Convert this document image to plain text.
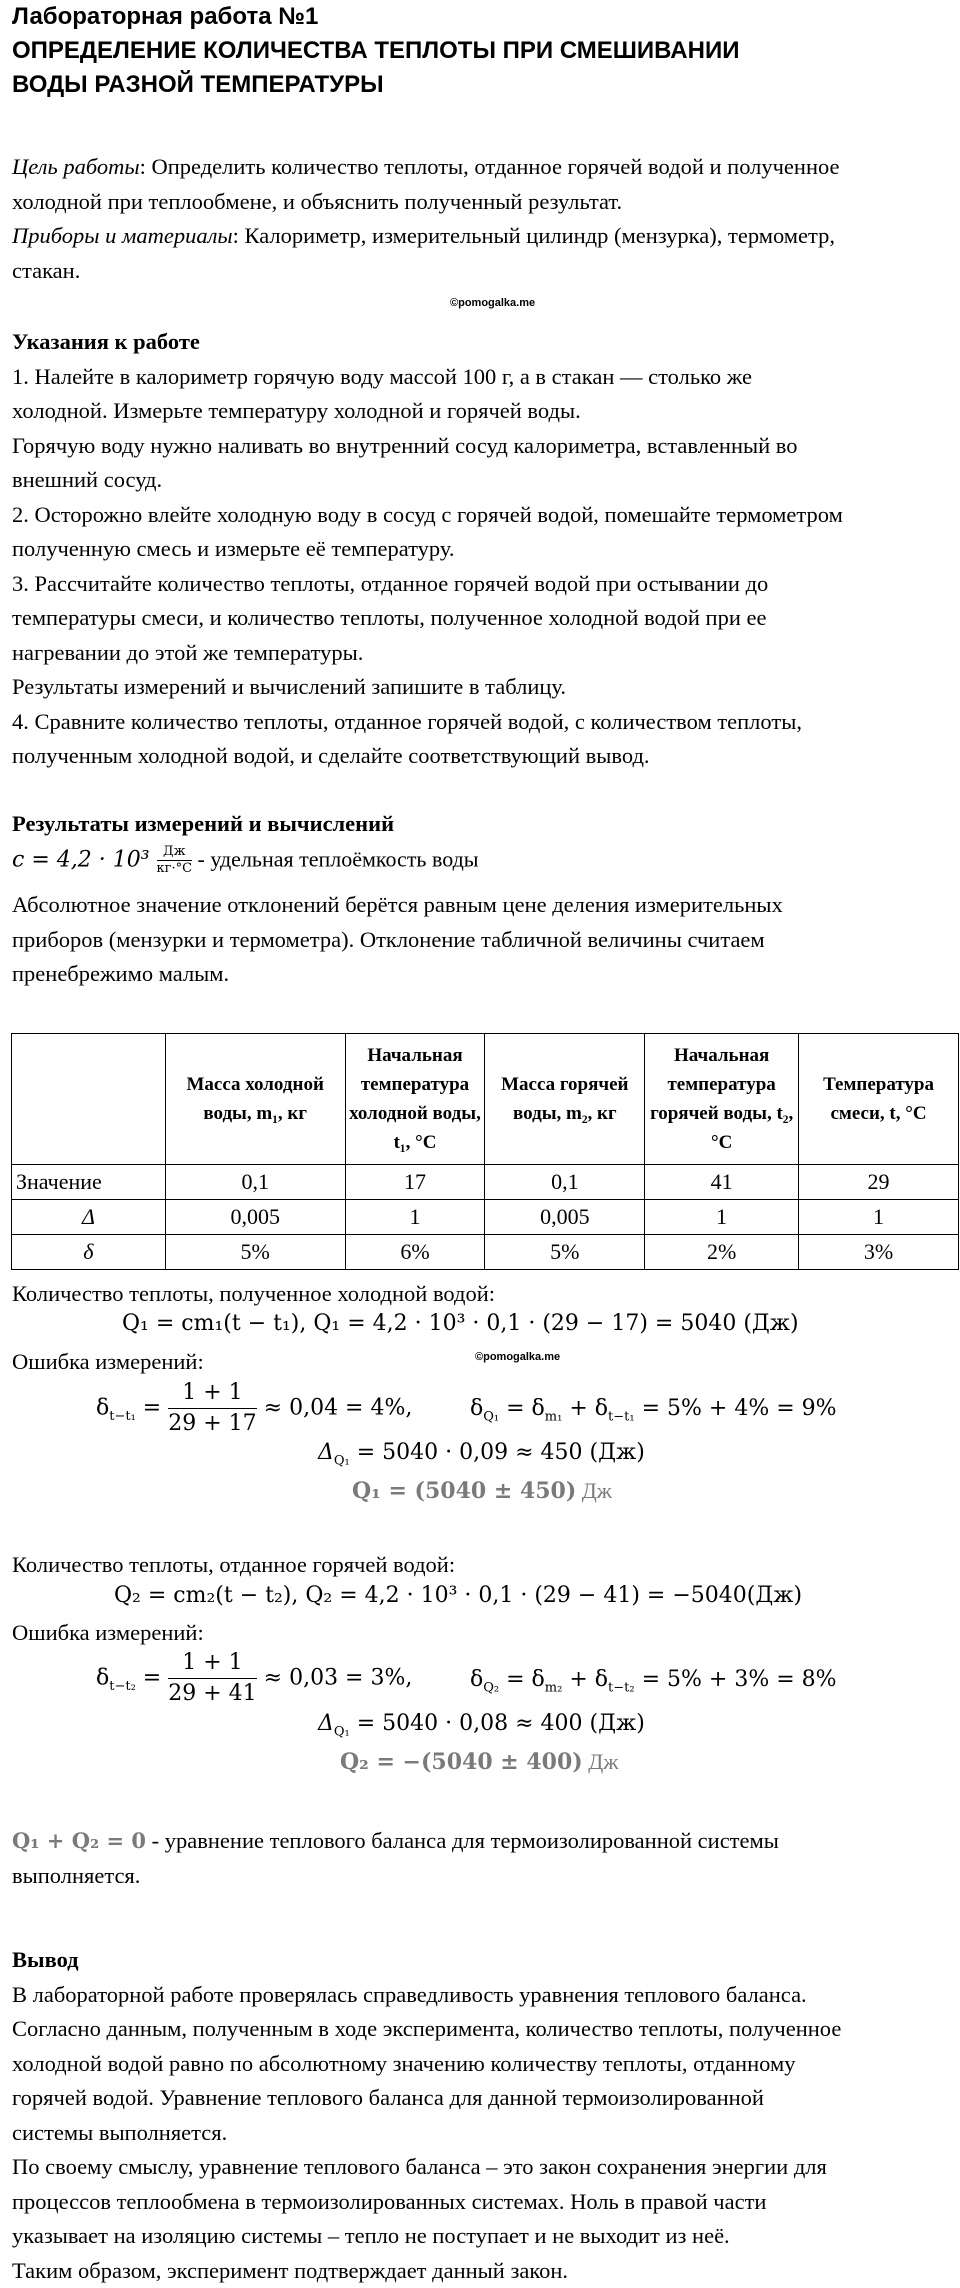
Лабораторная работа №1
ОПРЕДЕЛЕНИЕ КОЛИЧЕСТВА ТЕПЛОТЫ ПРИ СМЕШИВАНИИ
ВОДЫ РАЗНОЙ ТЕМПЕРАТУРЫ
Цель работы: Определить количество теплоты, отданное горячей водой и полученное
холодной при теплообмене, и объяснить полученный результат.
Приборы и материалы: Калориметр, измерительный цилиндр (мензурка), термометр,
стакан.
©pomogalka.me
Указания к работе
1. Налейте в калориметр горячую воду массой 100 г, а в стакан — столько же
холодной. Измерьте температуру холодной и горячей воды.
Горячую воду нужно наливать во внутренний сосуд калориметра, вставленный во
внешний сосуд.
2. Осторожно влейте холодную воду в сосуд с горячей водой, помешайте термометром
полученную смесь и измерьте её температуру.
3. Рассчитайте количество теплоты, отданное горячей водой при остывании до
температуры смеси, и количество теплоты, полученное холодной водой при ее
нагревании до этой же температуры.
Результаты измерений и вычислений запишите в таблицу.
4. Сравните количество теплоты, отданное горячей водой, с количеством теплоты,
полученным холодной водой, и сделайте соответствующий вывод.
Результаты измерений и вычислений
$c = 4,2 \cdot 10^3 \frac{Дж}{кг\cdot^\circ С}$ - удельная теплоёмкость воды
Абсолютное значение отклонений берётся равным цене деления измерительных
приборов (мензурки и термометра). Отклонение табличной величины считаем
пренебрежимо малым.
	Масса холодной воды, m₁, кг	Начальная температура холодной воды, t₁, °С	Масса горячей воды, m₂, кг	Начальная температура горячей воды, t₂, °С	Температура смеси, t, °С
Значение	0,1	17	0,1	41	29
Δ	0,005	1	0,005	1	1
δ	5%	6%	5%	2%	3%
Количество теплоты, полученное холодной водой:
Q₁ = cm₁(t − t₁), Q₁ = 4,2 · 10³ · 0,1 · (29 − 17) = 5040 (Дж)
Ошибка измерений:	©pomogalka.me
$\delta_{t-t_1} = \frac{1 + 1}{29 + 17} \approx 0,04 = 4\%$,	$\delta_{Q_1} = \delta_{m_1} + \delta_{t-t_1} = 5\% + 4\% = 9\%$
$\Delta_{Q_1} = 5040 \cdot 0,09 \approx 450$ (Дж)
Q₁ = (5040 ± 450) Дж
Количество теплоты, отданное горячей водой:
Q₂ = cm₂(t − t₂), Q₂ = 4,2 · 10³ · 0,1 · (29 − 41) = −5040(Дж)
Ошибка измерений:
$\delta_{t-t_2} = \frac{1 + 1}{29 + 41} \approx 0,03 = 3\%$,	$\delta_{Q_2} = \delta_{m_2} + \delta_{t-t_2} = 5\% + 3\% = 8\%$
$\Delta_{Q_1} = 5040 \cdot 0,08 \approx 400$ (Дж)
Q₂ = −(5040 ± 400) Дж
Q₁ + Q₂ = 0 - уравнение теплового баланса для термоизолированной системы
выполняется.
Вывод
В лабораторной работе проверялась справедливость уравнения теплового баланса.
Согласно данным, полученным в ходе эксперимента, количество теплоты, полученное
холодной водой равно по абсолютному значению количеству теплоты, отданному
горячей водой. Уравнение теплового баланса для данной термоизолированной
системы выполняется.
По своему смыслу, уравнение теплового баланса – это закон сохранения энергии для
процессов теплообмена в термоизолированных системах. Ноль в правой части
указывает на изоляцию системы – тепло не поступает и не выходит из неё.
Таким образом, эксперимент подтверждает данный закон.
